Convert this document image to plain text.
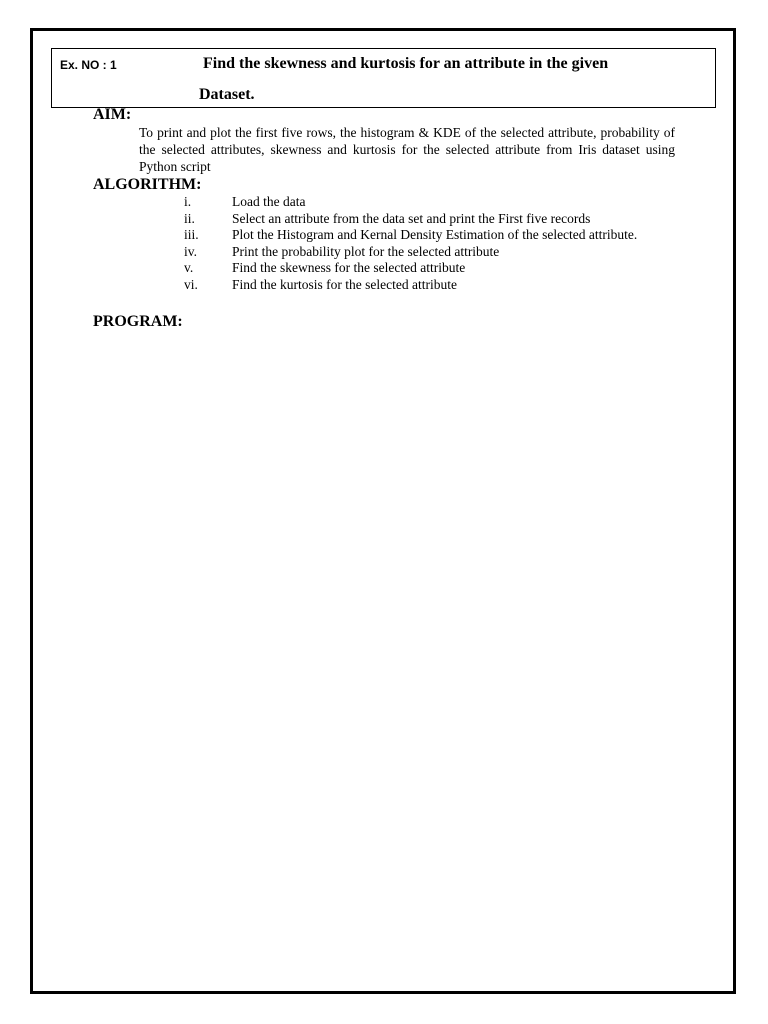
Ex. NO : 1	Find the skewness and kurtosis for an attribute in the given
Dataset.
AIM:
To print and plot the first five rows, the histogram & KDE of the selected attribute, probability of the selected attributes, skewness and kurtosis for the selected attribute from Iris dataset using Python script
ALGORITHM:
i.	Load the data
ii.	Select an attribute from the data set and print the First five records
iii. Plot the Histogram and Kernal Density Estimation of the selected attribute.
iv.	Print the probability plot for the selected attribute
v.	Find the skewness for the selected attribute
vi.	Find the kurtosis for the selected attribute
PROGRAM:
